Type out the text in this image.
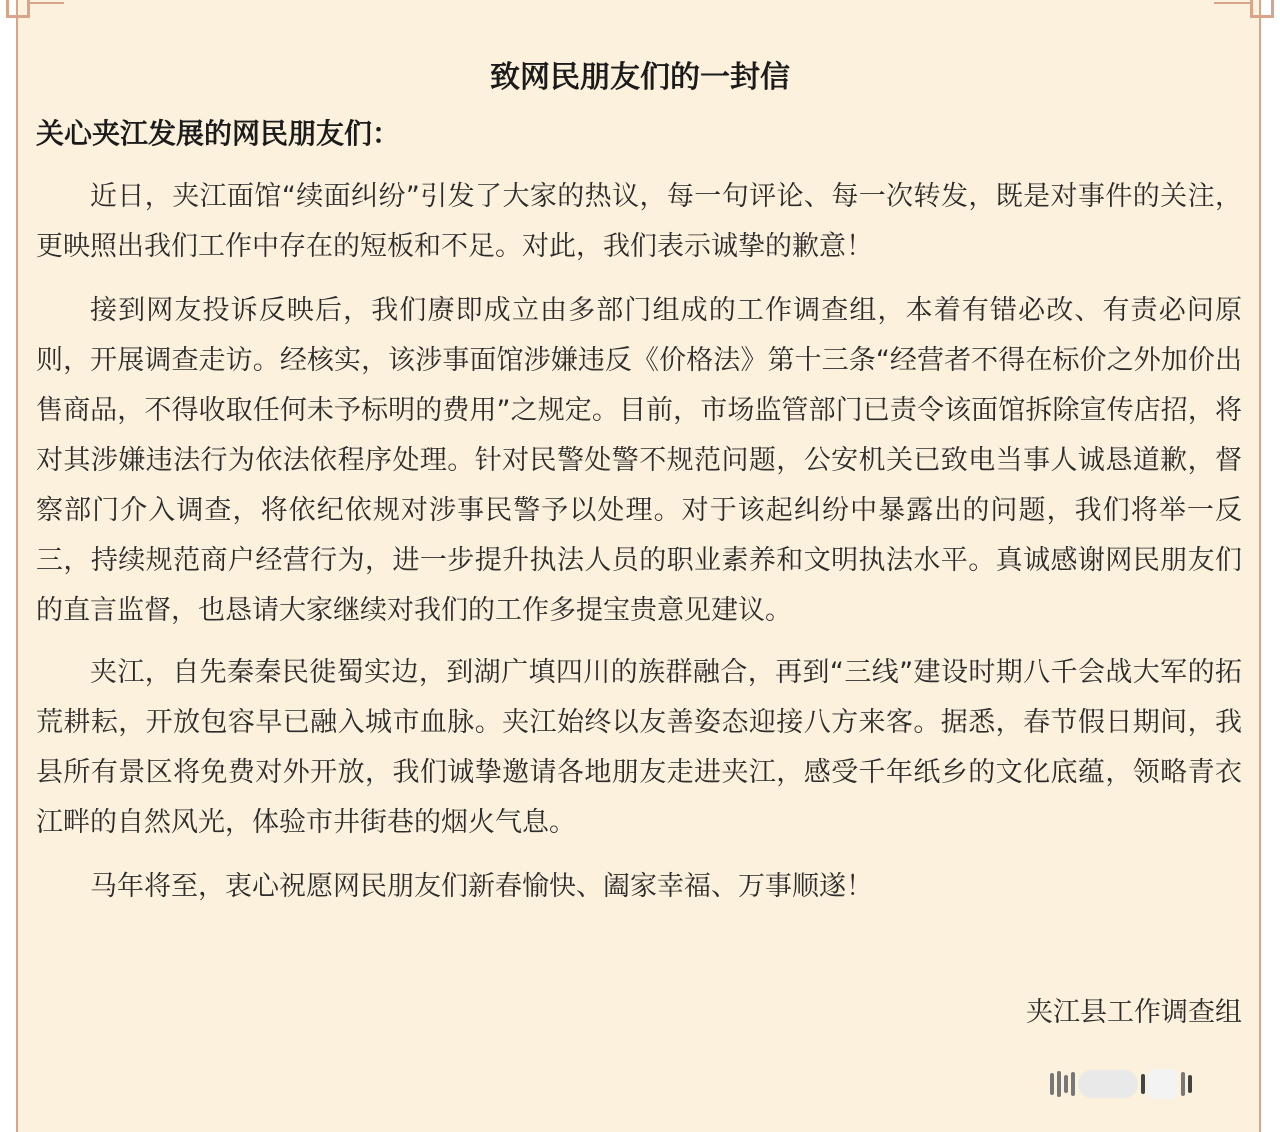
致网民朋友们的一封信
关心夹江发展的网民朋友们：

近日，夹江面馆“续面纠纷”引发了大家的热议，每一句评论、每一次转发，既是对事件的关注，更映照出我们工作中存在的短板和不足。对此，我们表示诚挚的歉意！

接到网友投诉反映后，我们赓即成立由多部门组成的工作调查组，本着有错必改、有责必问原则，开展调查走访。经核实，该涉事面馆涉嫌违反《价格法》第十三条“经营者不得在标价之外加价出售商品，不得收取任何未予标明的费用”之规定。目前，市场监管部门已责令该面馆拆除宣传店招，将对其涉嫌违法行为依法依程序处理。针对民警处警不规范问题，公安机关已致电当事人诚恳道歉，督察部门介入调查，将依纪依规对涉事民警予以处理。对于该起纠纷中暴露出的问题，我们将举一反三，持续规范商户经营行为，进一步提升执法人员的职业素养和文明执法水平。真诚感谢网民朋友们的直言监督，也恳请大家继续对我们的工作多提宝贵意见建议。

夹江，自先秦秦民徙蜀实边，到湖广填四川的族群融合，再到“三线”建设时期八千会战大军的拓荒耕耘，开放包容早已融入城市血脉。夹江始终以友善姿态迎接八方来客。据悉，春节假日期间，我县所有景区将免费对外开放，我们诚挚邀请各地朋友走进夹江，感受千年纸乡的文化底蕴，领略青衣江畔的自然风光，体验市井街巷的烟火气息。

马年将至，衷心祝愿网民朋友们新春愉快、阖家幸福、万事顺遂！

夹江县工作调查组
